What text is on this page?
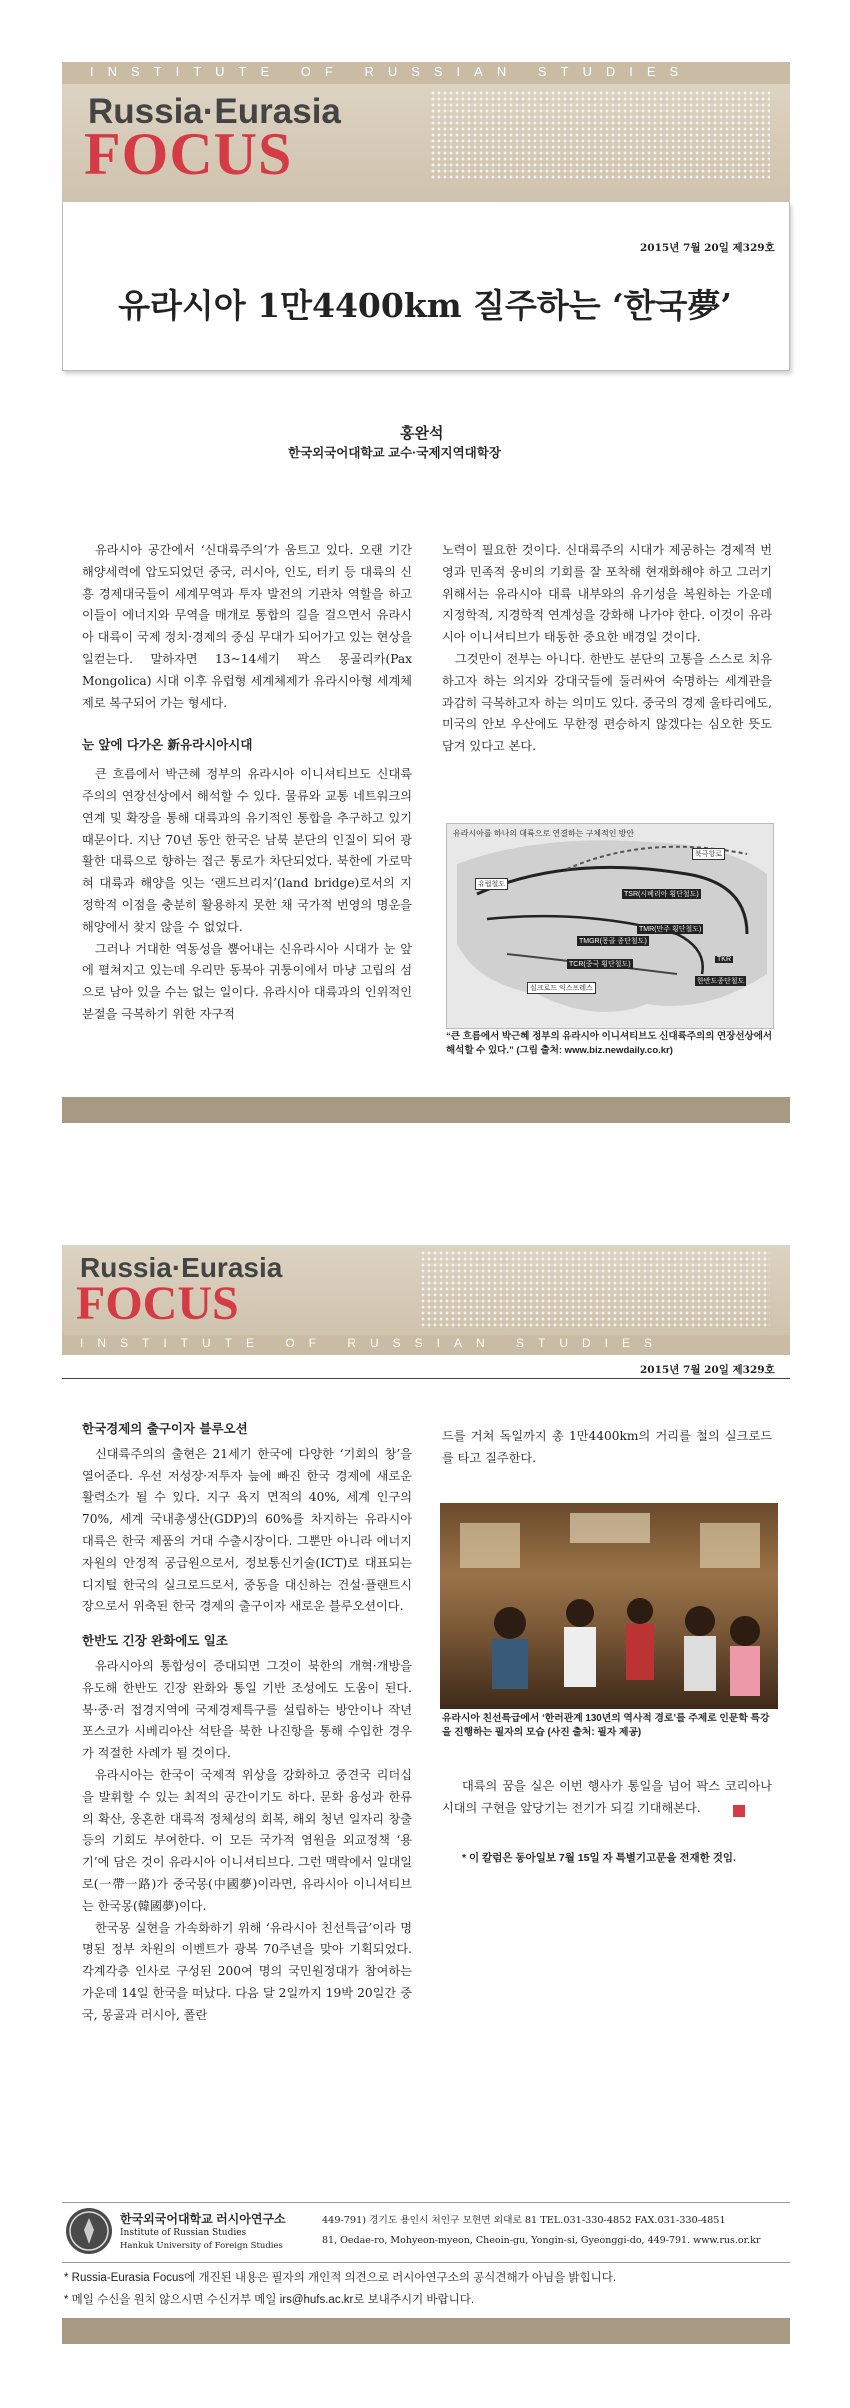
INSTITUTE OF RUSSIAN STUDIES
Russia·Eurasia
FOCUS
2015년 7월 20일 제329호
유라시아 1만4400km 질주하는 ‘한국夢’
홍완석
한국외국어대학교 교수·국제지역대학장

유라시아 공간에서 ‘신대륙주의’가 움트고 있다. 오랜 기간 해양세력에 압도되었던 중국, 러시아, 인도, 터키 등 대륙의 신흥 경제대국들이 세계무역과 투자 발전의 기관차 역할을 하고 이들이 에너지와 무역을 매개로 통합의 길을 걸으면서 유라시아 대륙이 국제 정치·경제의 중심 무대가 되어가고 있는 현상을 일컫는다. 말하자면 13~14세기 팍스 몽골리카(Pax Mongolica) 시대 이후 유럽형 세계체제가 유라시아형 세계체제로 복구되어 가는 형세다.

눈 앞에 다가온 新유라시아시대

큰 흐름에서 박근혜 정부의 유라시아 이니셔티브도 신대륙주의의 연장선상에서 해석할 수 있다. 물류와 교통 네트워크의 연계 및 확장을 통해 대륙과의 유기적인 통합을 추구하고 있기 때문이다. 지난 70년 동안 한국은 남북 분단의 인질이 되어 광활한 대륙으로 향하는 접근 통로가 차단되었다. 북한에 가로막혀 대륙과 해양을 잇는 ‘랜드브리지’(land bridge)로서의 지정학적 이점을 충분히 활용하지 못한 채 국가적 번영의 명운을 해양에서 찾지 않을 수 없었다.

그러나 거대한 역동성을 뿜어내는 신유라시아 시대가 눈 앞에 펼쳐지고 있는데 우리만 동북아 귀퉁이에서 마냥 고립의 섬으로 남아 있을 수는 없는 일이다. 유라시아 대륙과의 인위적인 분절을 극복하기 위한 자구적

노력이 필요한 것이다. 신대륙주의 시대가 제공하는 경제적 번영과 민족적 웅비의 기회를 잘 포착해 현재화해야 하고 그러기 위해서는 유라시아 대륙 내부와의 유기성을 복원하는 가운데 지정학적, 지경학적 연계성을 강화해 나가야 한다. 이것이 유라시아 이니셔티브가 태동한 중요한 배경일 것이다.

그것만이 전부는 아니다. 한반도 분단의 고통을 스스로 치유하고자 하는 의지와 강대국들에 둘러싸여 숙명하는 세계관을 과감히 극복하고자 하는 의미도 있다. 중국의 경제 울타리에도, 미국의 안보 우산에도 무한정 편승하지 않겠다는 심오한 뜻도 담겨 있다고 본다.

유라시아를 하나의 대륙으로 연결하는 구체적인 방안
유럽철도
TSR(시베리아 횡단철도)
북극항로
TMR(만주 횡단철도)
TMGR(몽골 종단철도)
TCR(중국 횡단철도)
실크로드 익스프레스
한반도종단철도
TKR
“큰 흐름에서 박근혜 정부의 유라시아 이니셔티브도 신대륙주의의 연장선상에서 해석할 수 있다.” (그림 출처: www.biz.newdaily.co.kr)
Russia·Eurasia
FOCUS
INSTITUTE OF RUSSIAN STUDIES
2015년 7월 20일 제329호
한국경제의 출구이자 블루오션

신대륙주의의 출현은 21세기 한국에 다양한 ‘기회의 창’을 열어준다. 우선 저성장·저투자 늪에 빠진 한국 경제에 새로운 활력소가 될 수 있다. 지구 육지 면적의 40%, 세계 인구의 70%, 세계 국내총생산(GDP)의 60%를 차지하는 유라시아 대륙은 한국 제품의 거대 수출시장이다. 그뿐만 아니라 에너지 자원의 안정적 공급원으로서, 정보통신기술(ICT)로 대표되는 디지털 한국의 실크로드로서, 중동을 대신하는 건설·플랜트시장으로서 위축된 한국 경제의 출구이자 새로운 블루오션이다.

한반도 긴장 완화에도 일조

유라시아의 통합성이 증대되면 그것이 북한의 개혁·개방을 유도해 한반도 긴장 완화와 통일 기반 조성에도 도움이 된다. 북·중·러 접경지역에 국제경제특구를 설립하는 방안이나 작년 포스코가 시베리아산 석탄을 북한 나진항을 통해 수입한 경우가 적절한 사례가 될 것이다.

유라시아는 한국이 국제적 위상을 강화하고 중견국 리더십을 발휘할 수 있는 최적의 공간이기도 하다. 문화 융성과 한류의 확산, 웅혼한 대륙적 정체성의 회복, 해외 청년 일자리 창출 등의 기회도 부여한다. 이 모든 국가적 염원을 외교정책 ‘용기’에 담은 것이 유라시아 이니셔티브다. 그런 맥락에서 일대일로(一帶一路)가 중국몽(中國夢)이라면, 유라시아 이니셔티브는 한국몽(韓國夢)이다.

한국몽 실현을 가속화하기 위해 ‘유라시아 친선특급’이라 명명된 정부 차원의 이벤트가 광복 70주년을 맞아 기획되었다. 각계각층 인사로 구성된 200여 명의 국민원정대가 참여하는 가운데 14일 한국을 떠났다. 다음 달 2일까지 19박 20일간 중국, 몽골과 러시아, 폴란

드를 거쳐 독일까지 총 1만4400km의 거리를 철의 실크로드를 타고 질주한다.
유라시아 친선특급에서 ‘한러관계 130년의 역사적 경로’를 주제로 인문학 특강을 진행하는 필자의 모습 (사진 출처: 필자 제공)

대륙의 꿈을 실은 이번 행사가 통일을 넘어 팍스 코리아나 시대의 구현을 앞당기는 전기가 되길 기대해본다.

* 이 칼럼은 동아일보 7월 15일 자 특별기고문을 전재한 것임.
한국외국어대학교 러시아연구소
Institute of Russian Studies
Hankuk University of Foreign Studies
449-791) 경기도 용인시 처인구 모현면 외대로 81 TEL.031-330-4852 FAX.031-330-4851
81, Oedae-ro, Mohyeon-myeon, Cheoin-gu, Yongin-si, Gyeonggi-do, 449-791. www.rus.or.kr
* Russia-Eurasia Focus에 개진된 내용은 필자의 개인적 의견으로 러시아연구소의 공식견해가 아님을 밝힙니다.
* 메일 수신을 원치 않으시면 수신거부 메일 irs@hufs.ac.kr로 보내주시기 바랍니다.
